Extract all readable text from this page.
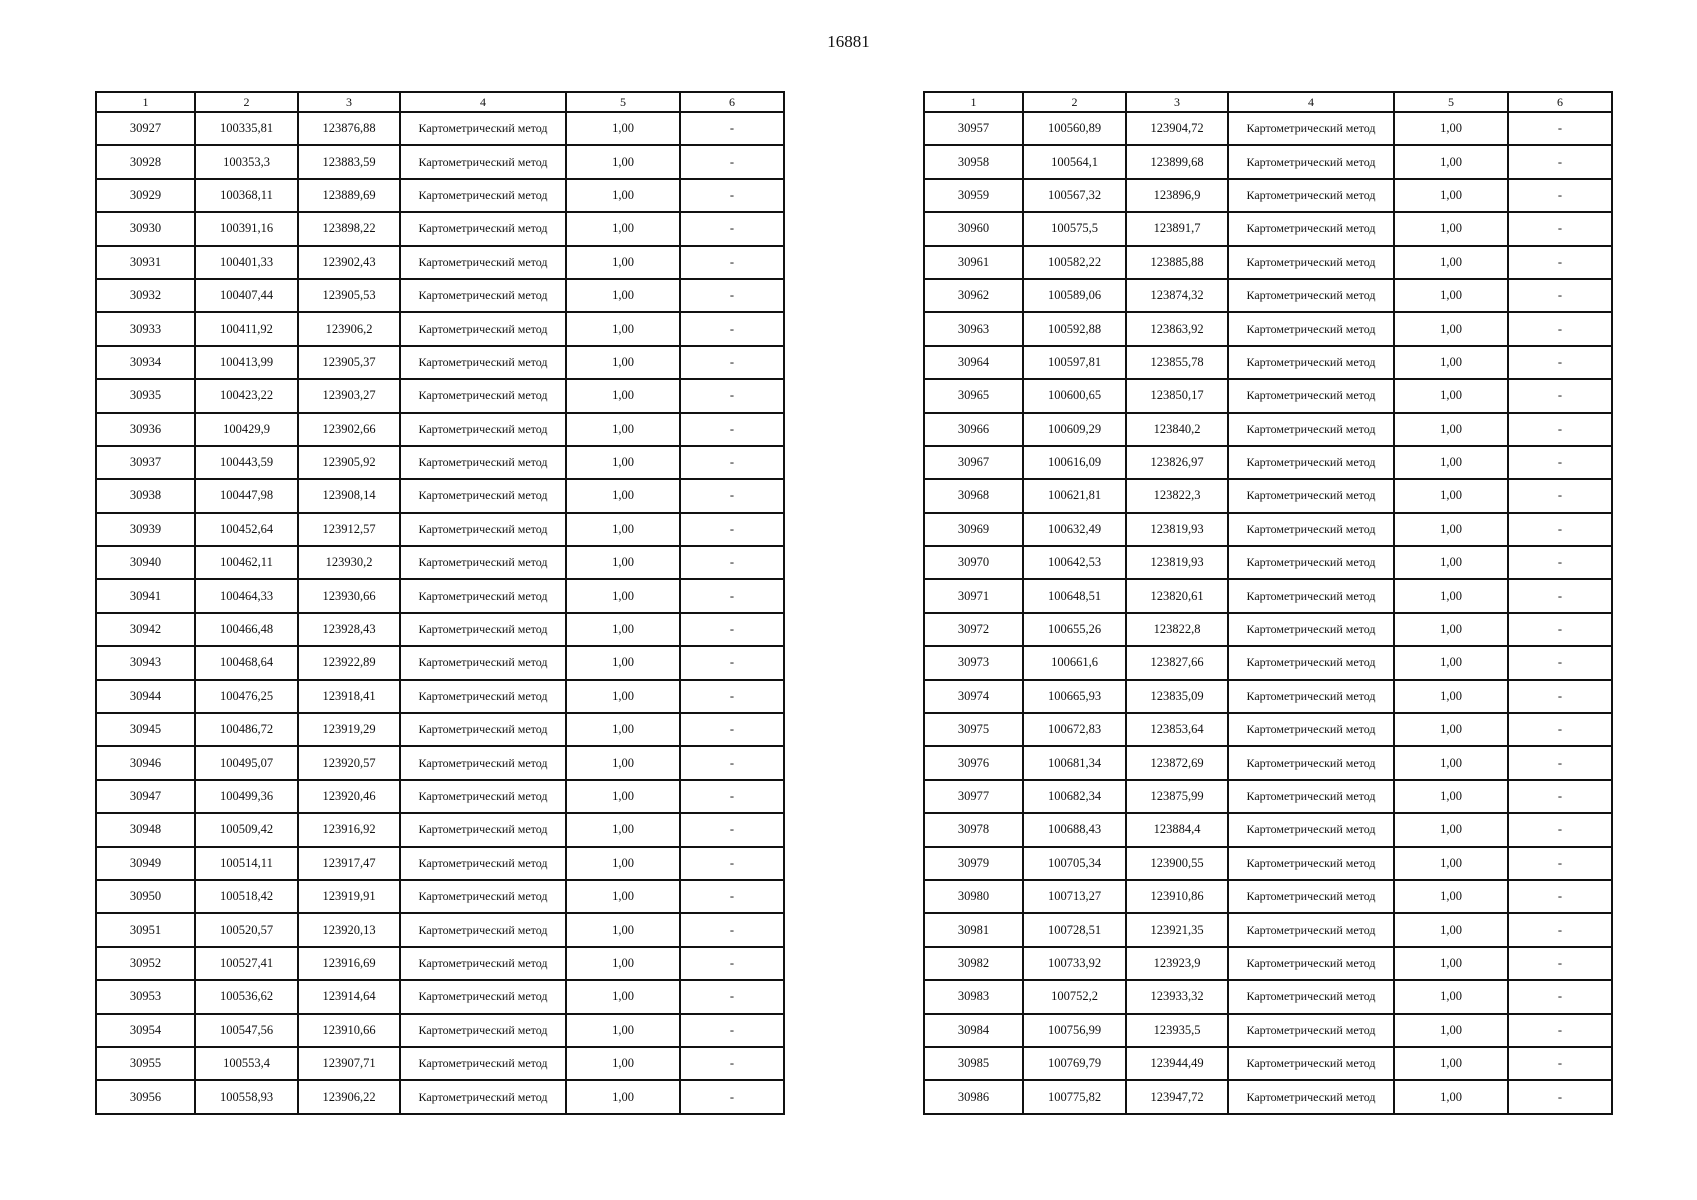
16881
1	2	3	4	5	6
30927	100335,81	123876,88	Картометрический метод	1,00	-
30928	100353,3	123883,59	Картометрический метод	1,00	-
30929	100368,11	123889,69	Картометрический метод	1,00	-
30930	100391,16	123898,22	Картометрический метод	1,00	-
30931	100401,33	123902,43	Картометрический метод	1,00	-
30932	100407,44	123905,53	Картометрический метод	1,00	-
30933	100411,92	123906,2	Картометрический метод	1,00	-
30934	100413,99	123905,37	Картометрический метод	1,00	-
30935	100423,22	123903,27	Картометрический метод	1,00	-
30936	100429,9	123902,66	Картометрический метод	1,00	-
30937	100443,59	123905,92	Картометрический метод	1,00	-
30938	100447,98	123908,14	Картометрический метод	1,00	-
30939	100452,64	123912,57	Картометрический метод	1,00	-
30940	100462,11	123930,2	Картометрический метод	1,00	-
30941	100464,33	123930,66	Картометрический метод	1,00	-
30942	100466,48	123928,43	Картометрический метод	1,00	-
30943	100468,64	123922,89	Картометрический метод	1,00	-
30944	100476,25	123918,41	Картометрический метод	1,00	-
30945	100486,72	123919,29	Картометрический метод	1,00	-
30946	100495,07	123920,57	Картометрический метод	1,00	-
30947	100499,36	123920,46	Картометрический метод	1,00	-
30948	100509,42	123916,92	Картометрический метод	1,00	-
30949	100514,11	123917,47	Картометрический метод	1,00	-
30950	100518,42	123919,91	Картометрический метод	1,00	-
30951	100520,57	123920,13	Картометрический метод	1,00	-
30952	100527,41	123916,69	Картометрический метод	1,00	-
30953	100536,62	123914,64	Картометрический метод	1,00	-
30954	100547,56	123910,66	Картометрический метод	1,00	-
30955	100553,4	123907,71	Картометрический метод	1,00	-
30956	100558,93	123906,22	Картометрический метод	1,00	-
1	2	3	4	5	6
30957	100560,89	123904,72	Картометрический метод	1,00	-
30958	100564,1	123899,68	Картометрический метод	1,00	-
30959	100567,32	123896,9	Картометрический метод	1,00	-
30960	100575,5	123891,7	Картометрический метод	1,00	-
30961	100582,22	123885,88	Картометрический метод	1,00	-
30962	100589,06	123874,32	Картометрический метод	1,00	-
30963	100592,88	123863,92	Картометрический метод	1,00	-
30964	100597,81	123855,78	Картометрический метод	1,00	-
30965	100600,65	123850,17	Картометрический метод	1,00	-
30966	100609,29	123840,2	Картометрический метод	1,00	-
30967	100616,09	123826,97	Картометрический метод	1,00	-
30968	100621,81	123822,3	Картометрический метод	1,00	-
30969	100632,49	123819,93	Картометрический метод	1,00	-
30970	100642,53	123819,93	Картометрический метод	1,00	-
30971	100648,51	123820,61	Картометрический метод	1,00	-
30972	100655,26	123822,8	Картометрический метод	1,00	-
30973	100661,6	123827,66	Картометрический метод	1,00	-
30974	100665,93	123835,09	Картометрический метод	1,00	-
30975	100672,83	123853,64	Картометрический метод	1,00	-
30976	100681,34	123872,69	Картометрический метод	1,00	-
30977	100682,34	123875,99	Картометрический метод	1,00	-
30978	100688,43	123884,4	Картометрический метод	1,00	-
30979	100705,34	123900,55	Картометрический метод	1,00	-
30980	100713,27	123910,86	Картометрический метод	1,00	-
30981	100728,51	123921,35	Картометрический метод	1,00	-
30982	100733,92	123923,9	Картометрический метод	1,00	-
30983	100752,2	123933,32	Картометрический метод	1,00	-
30984	100756,99	123935,5	Картометрический метод	1,00	-
30985	100769,79	123944,49	Картометрический метод	1,00	-
30986	100775,82	123947,72	Картометрический метод	1,00	-
